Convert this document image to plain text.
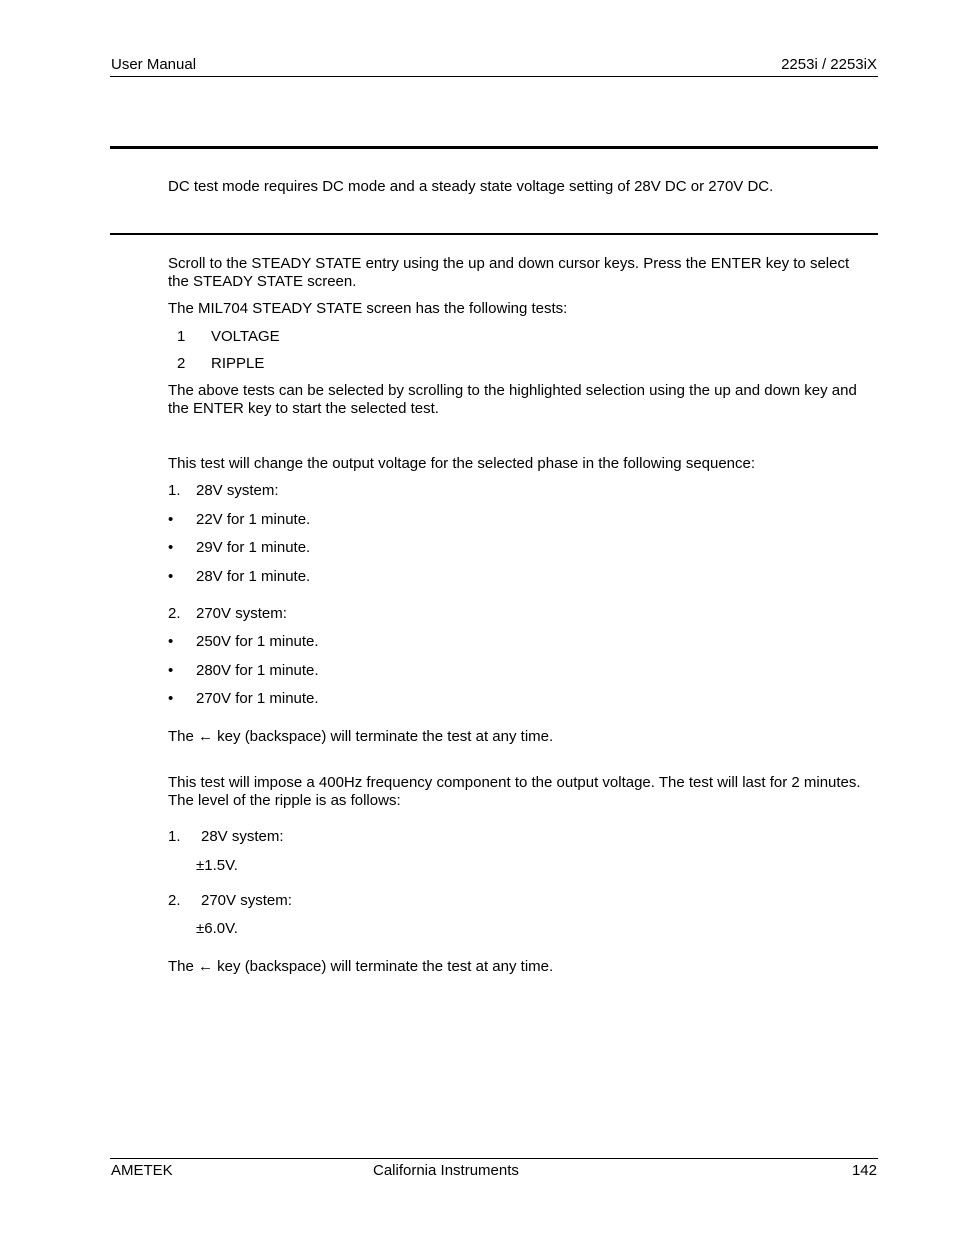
User Manual	2253i / 2253iX
DC test mode requires DC mode and a steady state voltage setting of 28V DC or 270V DC.
Scroll to the STEADY STATE entry using the up and down cursor keys. Press the ENTER key to select the STEADY STATE screen.
The MIL704 STEADY STATE screen has the following tests:
1 VOLTAGE
2 RIPPLE
The above tests can be selected by scrolling to the highlighted selection using the up and down key and the ENTER key to start the selected test.
This test will change the output voltage for the selected phase in the following sequence:
1. 28V system:
• 22V for 1 minute.
• 29V for 1 minute.
• 28V for 1 minute.
2. 270V system:
• 250V for 1 minute.
• 280V for 1 minute.
• 270V for 1 minute.
The ← key (backspace) will terminate the test at any time.
This test will impose a 400Hz frequency component to the output voltage. The test will last for 2 minutes. The level of the ripple is as follows:
1. 28V system:
±1.5V.
2. 270V system:
±6.0V.
The ← key (backspace) will terminate the test at any time.
AMETEK	California Instruments	142
